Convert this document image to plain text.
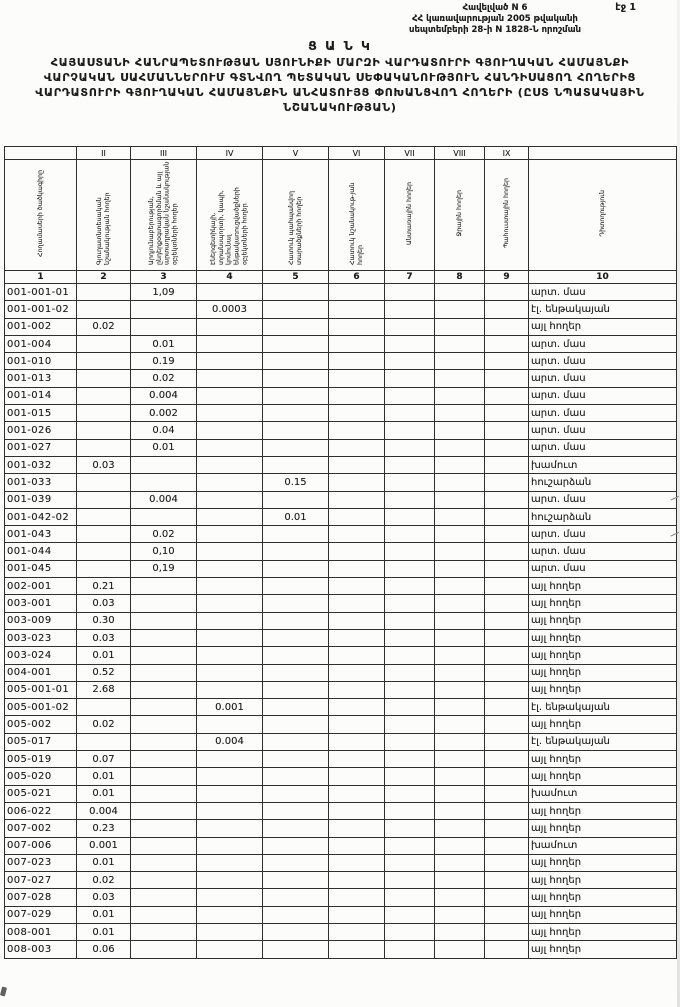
էջ 1
Հավելված N 6
ՀՀ կառավարության 2005 թվականի
սեպտեմբերի 28-ի N 1828-Ն որոշման
Ց Ա Ն Կ
ՀԱՅԱՍՏԱՆԻ ՀԱՆՐԱՊԵՏՈՒԹՅԱՆ ՍՅՈՒՆԻՔԻ ՄԱՐԶԻ ՎԱՐԴԱՏՈՒՐԻ ԳՅՈՒՂԱԿԱՆ ՀԱՄԱՅՆՔԻ
ՎԱՐՉԱԿԱՆ ՍԱՀՄԱՆՆԵՐՈՒՄ ԳՏՆՎՈՂ ՊԵՏԱԿԱՆ ՍԵՓԱԿԱՆՈՒԹՅՈՒՆ ՀԱՆԴԻՍԱՑՈՂ ՀՈՂԵՐԻՑ
ՎԱՐԴԱՏՈՒՐԻ ԳՅՈՒՂԱԿԱՆ ՀԱՄԱՅՆՔԻՆ ԱՆՀԱՏՈՒՅՑ ՓՈԽԱՆՑՎՈՂ ՀՈՂԵՐԻ (ԸՍՏ ՆՊԱՏԱԿԱՅԻՆ
ՆՇԱՆԱԿՈՒԹՅԱՆ)
	II	III	IV	V	VI	VII	VIII	IX	
Հողամասերի ծածկագիրը	Գյուղատնտեսական նշանակության հողեր	Արդյունաբերության, ընդերքօգտագործման և այլ արտադրական նշանակության օբյեկտների հողեր	Էներգետիկայի, տրանսպորտի, կապի, կոմունալ ենթակառուցվածքների օբյեկտների հողեր	Հատուկ պահպանվող տարածքների հողեր	Հատուկ նշանակութ-յան հողեր	Անտառային հողեր	Ջրային հողեր	Պահուստային հողեր	Դիտողություն
1	2	3	4	5	6	7	8	9	10
001-001-01		1,09							արտ. մաս
001-001-02			0.0003						էլ. ենթակայան
001-002	0.02								այլ հողեր
001-004		0.01							արտ. մաս
001-010		0.19							արտ. մաս
001-013		0.02							արտ. մաս
001-014		0.004							արտ. մաս
001-015		0.002							արտ. մաս
001-026		0.04							արտ. մաս
001-027		0.01							արտ. մաս
001-032	0.03								խամուտ
001-033				0.15					հուշարձան
001-039		0.004							արտ. մաս
001-042-02				0.01					հուշարձան
001-043		0.02							արտ. մաս
001-044		0,10							արտ. մաս
001-045		0,19							արտ. մաս
002-001	0.21								այլ հողեր
003-001	0.03								այլ հողեր
003-009	0.30								այլ հողեր
003-023	0.03								այլ հողեր
003-024	0.01								այլ հողեր
004-001	0.52								այլ հողեր
005-001-01	2.68								այլ հողեր
005-001-02			0.001						էլ. ենթակայան
005-002	0.02								այլ հողեր
005-017			0.004						էլ. ենթակայան
005-019	0.07								այլ հողեր
005-020	0.01								այլ հողեր
005-021	0.01								խամուտ
006-022	0.004								այլ հողեր
007-002	0.23								այլ հողեր
007-006	0.001								խամուտ
007-023	0.01								այլ հողեր
007-027	0.02								այլ հողեր
007-028	0.03								այլ հողեր
007-029	0.01								այլ հողեր
008-001	0.01								այլ հողեր
008-003	0.06								այլ հողեր
